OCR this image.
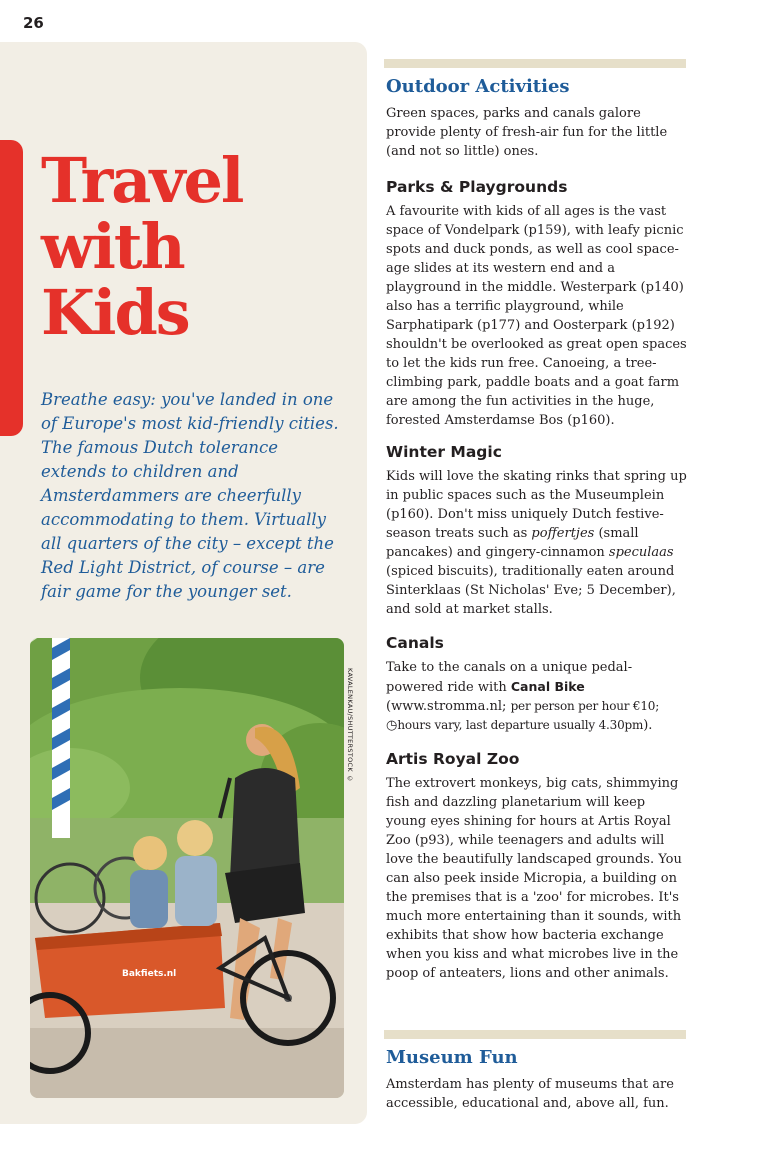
26
Travel
with
Kids

Breathe easy: you've landed in one of Europe's most kid-friendly cities. The famous Dutch tolerance extends to children and Amsterdammers are cheerfully accommodating to them. Virtually all quarters of the city – except the Red Light District, of course – are fair game for the younger set.

Bakfiets.nl
KAVALENKAU/SHUTTERSTOCK ©
Outdoor Activities

Green spaces, parks and canals galore provide plenty of fresh-air fun for the little (and not so little) ones.

Parks & Playgrounds

A favourite with kids of all ages is the vast space of Vondelpark (p159), with leafy picnic spots and duck ponds, as well as cool space-age slides at its western end and a playground in the middle. Westerpark (p140) also has a terrific playground, while Sarphatipark (p177) and Oosterpark (p192) shouldn't be overlooked as great open spaces to let the kids run free. Canoeing, a tree-climbing park, paddle boats and a goat farm are among the fun activities in the huge, forested Amsterdamse Bos (p160).

Winter Magic

Kids will love the skating rinks that spring up in public spaces such as the Museumplein (p160). Don't miss uniquely Dutch festive-season treats such as poffertjes (small pancakes) and gingery-cinnamon speculaas (spiced biscuits), traditionally eaten around Sinterklaas (St Nicholas' Eve; 5 December), and sold at market stalls.

Canals

Take to the canals on a unique pedal-powered ride with Canal Bike (www.stromma.nl; per person per hour €10; ◷hours vary, last departure usually 4.30pm).

Artis Royal Zoo

The extrovert monkeys, big cats, shimmying fish and dazzling planetarium will keep young eyes shining for hours at Artis Royal Zoo (p93), while teenagers and adults will love the beautifully landscaped grounds. You can also peek inside Micropia, a building on the premises that is a 'zoo' for microbes. It's much more entertaining than it sounds, with exhibits that show how bacteria exchange when you kiss and what microbes live in the poop of anteaters, lions and other animals.

Museum Fun

Amsterdam has plenty of museums that are accessible, educational and, above all, fun.
